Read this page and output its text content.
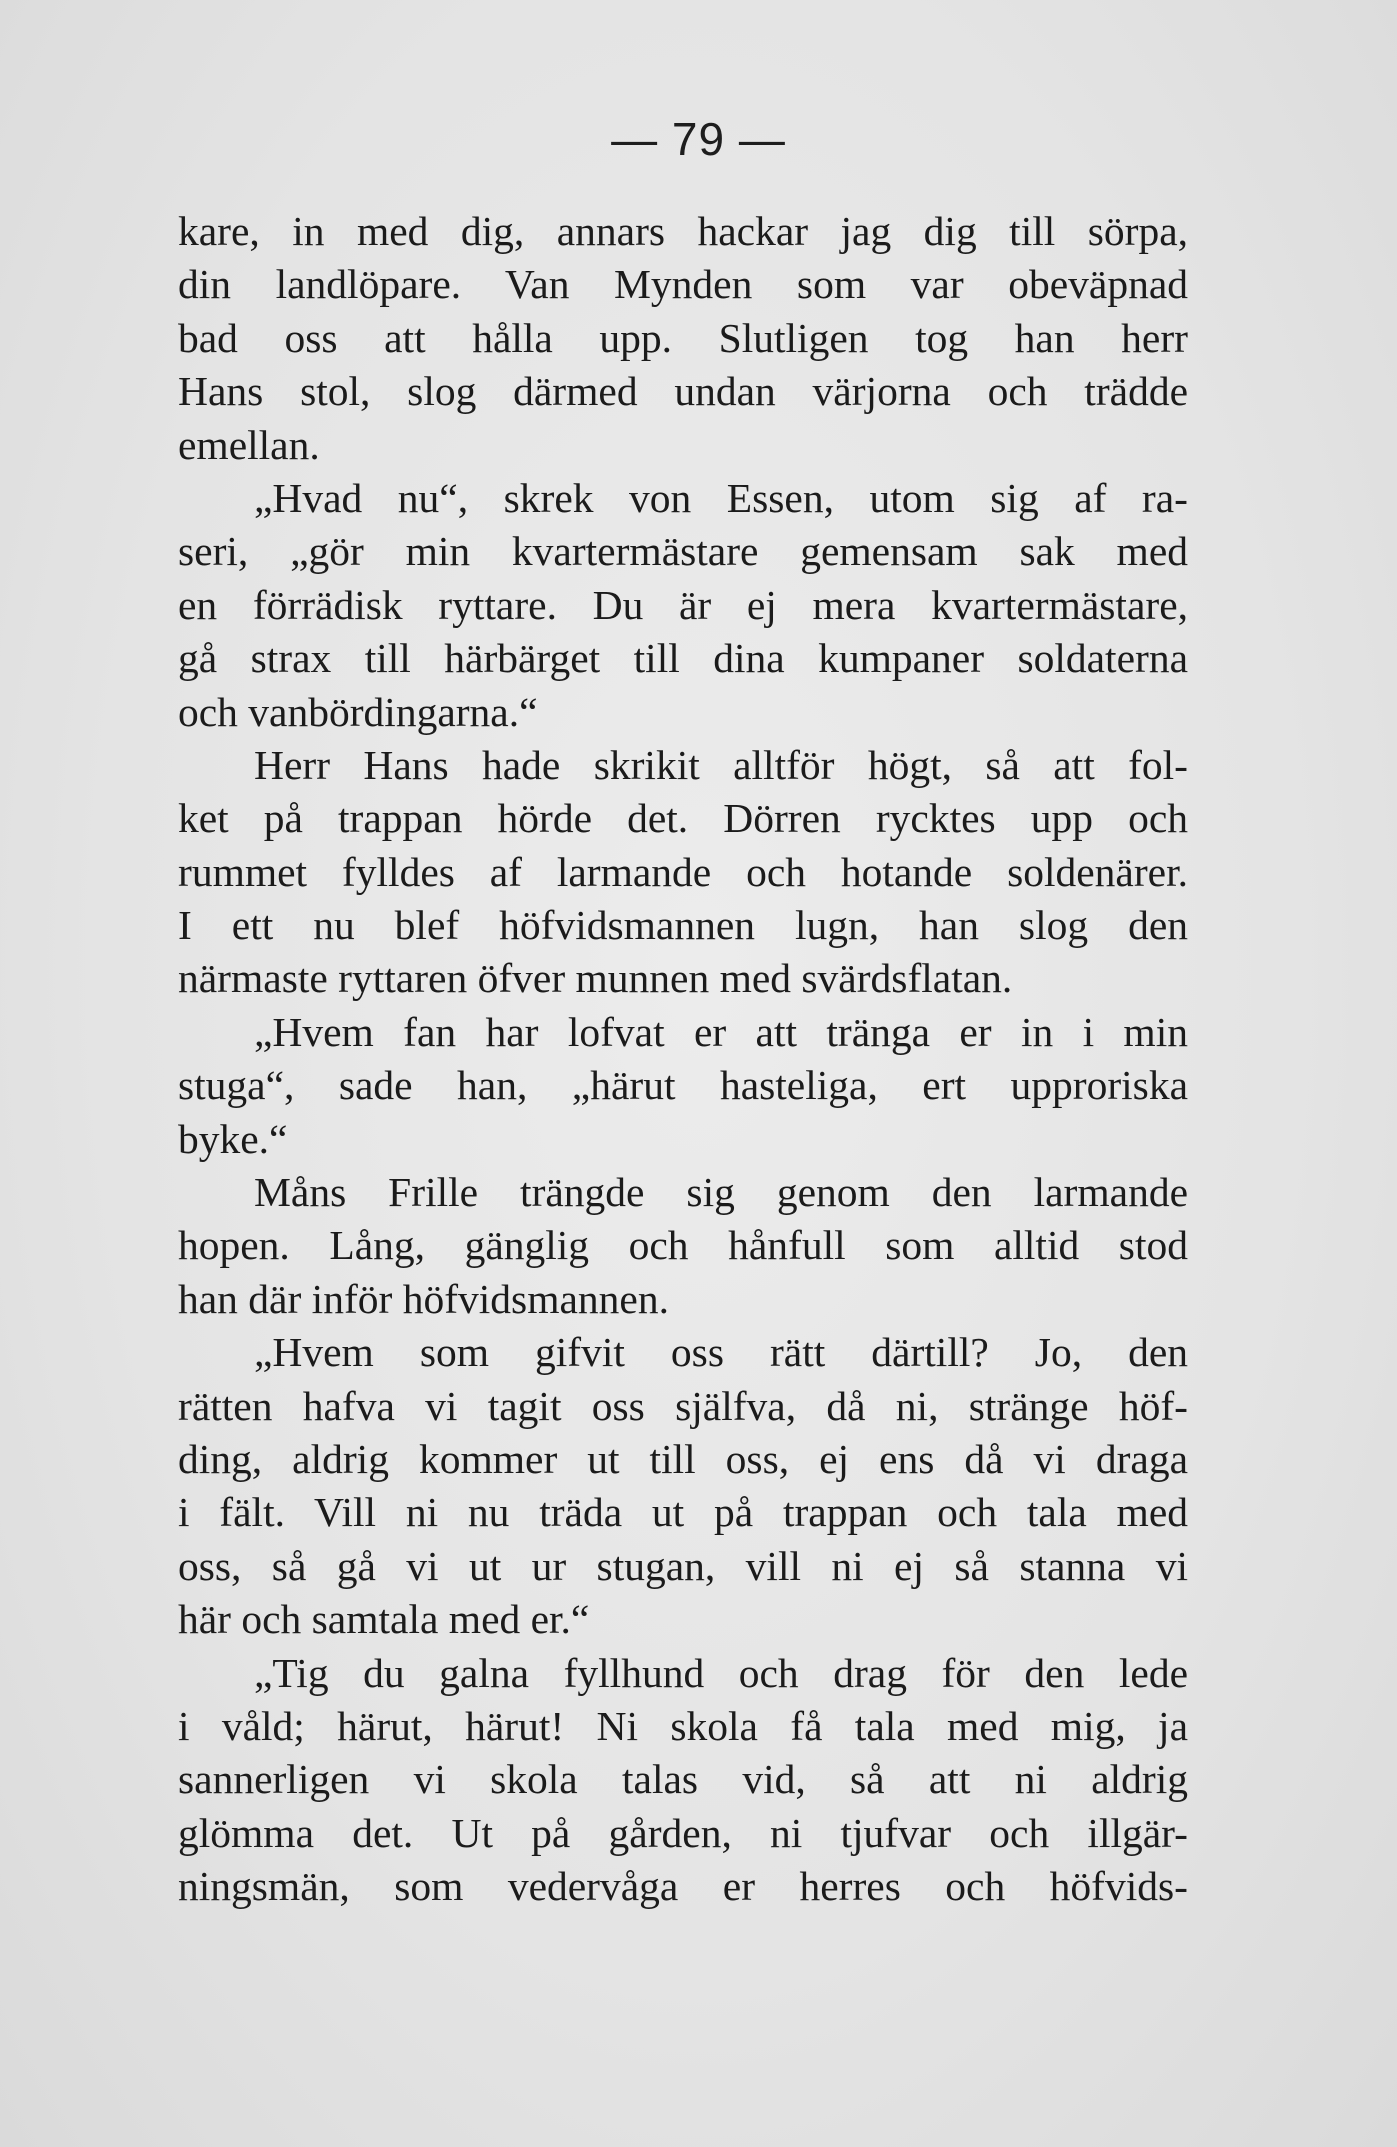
— 79 —
kare, in med dig, annars hackar jag dig till sörpa,
din landlöpare. Van Mynden som var obeväpnad
bad oss att hålla upp. Slutligen tog han herr
Hans stol, slog därmed undan värjorna och trädde
emellan.
„Hvad nu“, skrek von Essen, utom sig af ra-
seri, „gör min kvartermästare gemensam sak med
en förrädisk ryttare. Du är ej mera kvartermästare,
gå strax till härbärget till dina kumpaner soldaterna
och vanbördingarna.“
Herr Hans hade skrikit alltför högt, så att fol-
ket på trappan hörde det. Dörren rycktes upp och
rummet fylldes af larmande och hotande soldenärer.
I ett nu blef höfvidsmannen lugn, han slog den
närmaste ryttaren öfver munnen med svärdsflatan.
„Hvem fan har lofvat er att tränga er in i min
stuga“, sade han, „härut hasteliga, ert upproriska
byke.“
Måns Frille trängde sig genom den larmande
hopen. Lång, gänglig och hånfull som alltid stod
han där inför höfvidsmannen.
„Hvem som gifvit oss rätt därtill? Jo, den
rätten hafva vi tagit oss själfva, då ni, stränge höf-
ding, aldrig kommer ut till oss, ej ens då vi draga
i fält. Vill ni nu träda ut på trappan och tala med
oss, så gå vi ut ur stugan, vill ni ej så stanna vi
här och samtala med er.“
„Tig du galna fyllhund och drag för den lede
i våld; härut, härut! Ni skola få tala med mig, ja
sannerligen vi skola talas vid, så att ni aldrig
glömma det. Ut på gården, ni tjufvar och illgär-
ningsmän, som vedervåga er herres och höfvids-
